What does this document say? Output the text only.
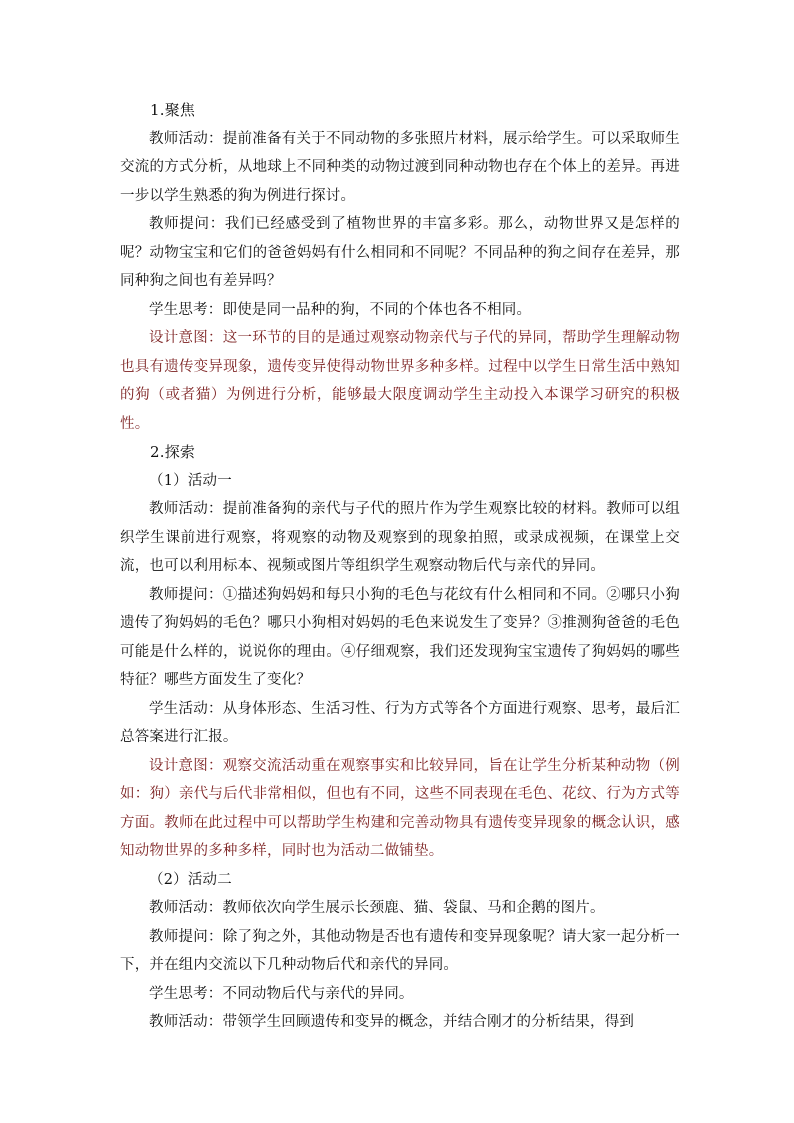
1.聚焦

教师活动：提前准备有关于不同动物的多张照片材料，展示给学生。可以采取师生交流的方式分析，从地球上不同种类的动物过渡到同种动物也存在个体上的差异。再进一步以学生熟悉的狗为例进行探讨。

教师提问：我们已经感受到了植物世界的丰富多彩。那么，动物世界又是怎样的呢？动物宝宝和它们的爸爸妈妈有什么相同和不同呢？不同品种的狗之间存在差异，那同种狗之间也有差异吗？

学生思考：即使是同一品种的狗，不同的个体也各不相同。

设计意图：这一环节的目的是通过观察动物亲代与子代的异同，帮助学生理解动物也具有遗传变异现象，遗传变异使得动物世界多种多样。过程中以学生日常生活中熟知的狗（或者猫）为例进行分析，能够最大限度调动学生主动投入本课学习研究的积极性。

2.探索

（1）活动一

教师活动：提前准备狗的亲代与子代的照片作为学生观察比较的材料。教师可以组织学生课前进行观察，将观察的动物及观察到的现象拍照，或录成视频，在课堂上交流，也可以利用标本、视频或图片等组织学生观察动物后代与亲代的异同。

教师提问：①描述狗妈妈和每只小狗的毛色与花纹有什么相同和不同。②哪只小狗遗传了狗妈妈的毛色？哪只小狗相对妈妈的毛色来说发生了变异？③推测狗爸爸的毛色可能是什么样的，说说你的理由。④仔细观察，我们还发现狗宝宝遗传了狗妈妈的哪些特征？哪些方面发生了变化？

学生活动：从身体形态、生活习性、行为方式等各个方面进行观察、思考，最后汇总答案进行汇报。

设计意图：观察交流活动重在观察事实和比较异同，旨在让学生分析某种动物（例如：狗）亲代与后代非常相似，但也有不同，这些不同表现在毛色、花纹、行为方式等方面。教师在此过程中可以帮助学生构建和完善动物具有遗传变异现象的概念认识，感知动物世界的多种多样，同时也为活动二做铺垫。

（2）活动二

教师活动：教师依次向学生展示长颈鹿、猫、袋鼠、马和企鹅的图片。

教师提问：除了狗之外，其他动物是否也有遗传和变异现象呢？请大家一起分析一下，并在组内交流以下几种动物后代和亲代的异同。

学生思考：不同动物后代与亲代的异同。

教师活动：带领学生回顾遗传和变异的概念，并结合刚才的分析结果，得到
